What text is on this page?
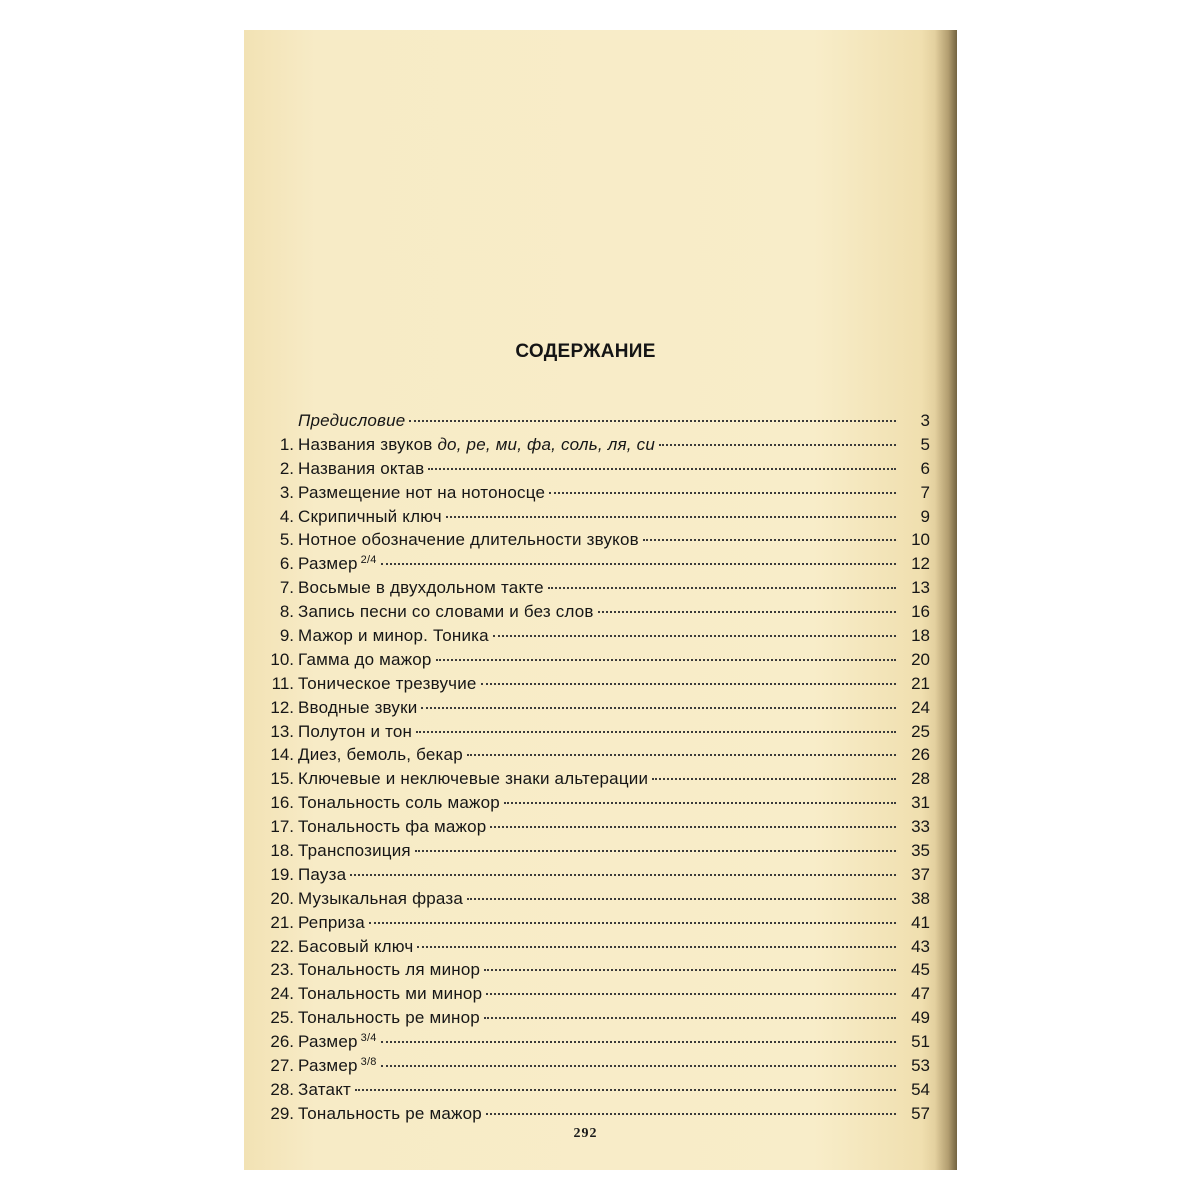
СОДЕРЖАНИЕ
Предисловие	3
1. Названия звуков до, ре, ми, фа, соль, ля, си	5
2. Названия октав	6
3. Размещение нот на нотоносце	7
4. Скрипичный ключ	9
5. Нотное обозначение длительности звуков	10
6. Размер $^{2/4}$	12
7. Восьмые в двухдольном такте	13
8. Запись песни со словами и без слов	16
9. Мажор и минор. Тоника	18
10. Гамма до мажор	20
11. Тоническое трезвучие	21
12. Вводные звуки	24
13. Полутон и тон	25
14. Диез, бемоль, бекар	26
15. Ключевые и неключевые знаки альтерации	28
16. Тональность соль мажор	31
17. Тональность фа мажор	33
18. Транспозиция	35
19. Пауза	37
20. Музыкальная фраза	38
21. Реприза	41
22. Басовый ключ	43
23. Тональность ля минор	45
24. Тональность ми минор	47
25. Тональность ре минор	49
26. Размер $^{3/4}$	51
27. Размер $^{3/8}$	53
28. Затакт	54
29. Тональность ре мажор	57
292
